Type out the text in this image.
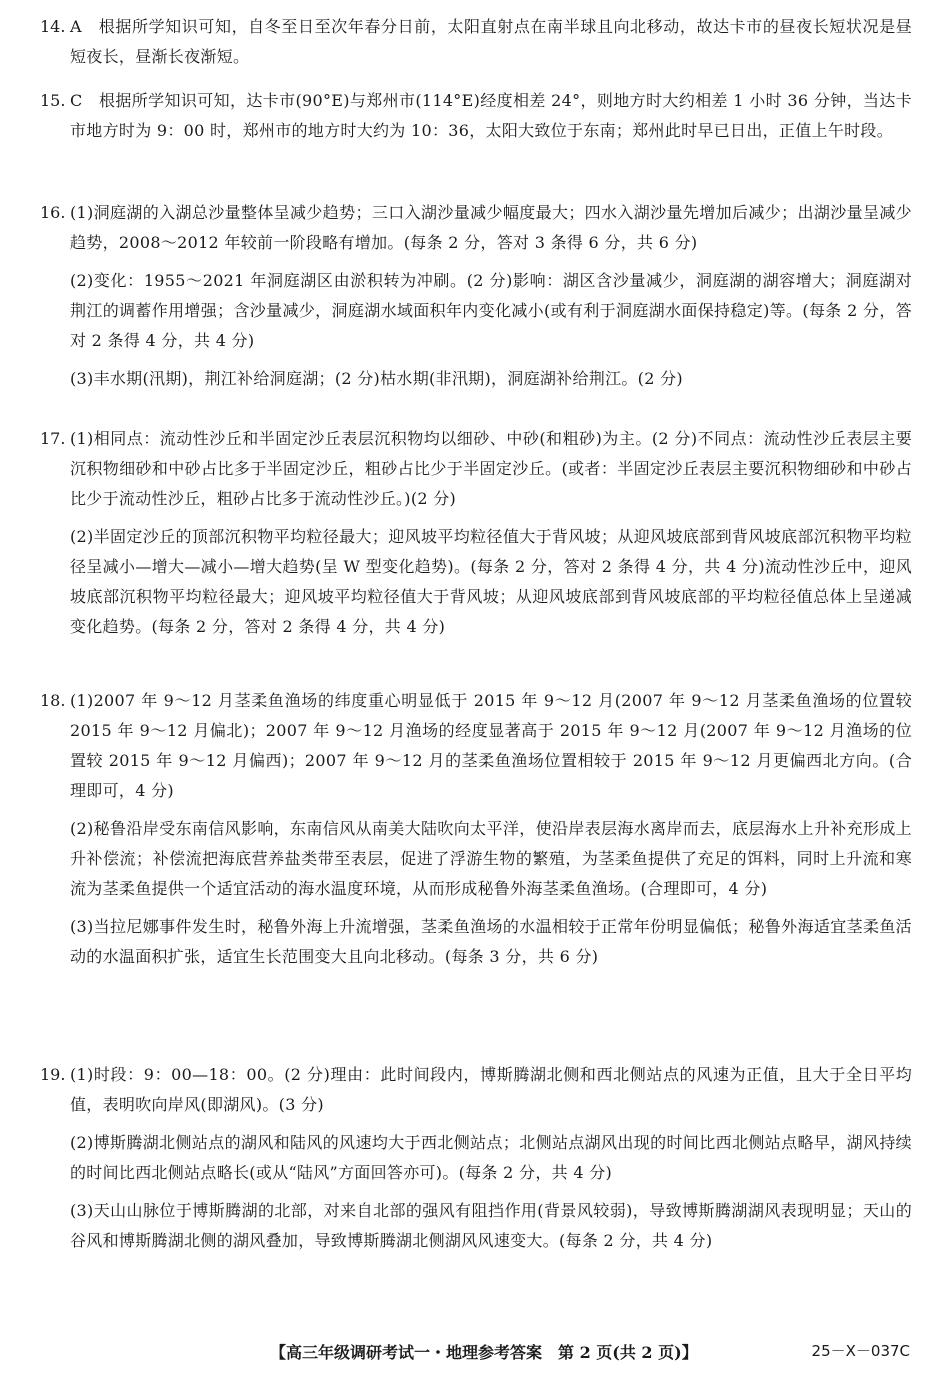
14. A　根据所学知识可知，自冬至日至次年春分日前，太阳直射点在南半球且向北移动，故达卡市的昼夜长短状况是昼短夜长，昼渐长夜渐短。

15. C　根据所学知识可知，达卡市(90°E)与郑州市(114°E)经度相差 24°，则地方时大约相差 1 小时 36 分钟，当达卡市地方时为 9：00 时，郑州市的地方时大约为 10：36，太阳大致位于东南；郑州此时早已日出，正值上午时段。

16. (1)洞庭湖的入湖总沙量整体呈减少趋势；三口入湖沙量减少幅度最大；四水入湖沙量先增加后减少；出湖沙量呈减少趋势，2008～2012 年较前一阶段略有增加。(每条 2 分，答对 3 条得 6 分，共 6 分)

(2)变化：1955～2021 年洞庭湖区由淤积转为冲刷。(2 分)影响：湖区含沙量减少，洞庭湖的湖容增大；洞庭湖对荆江的调蓄作用增强；含沙量减少，洞庭湖水域面积年内变化减小(或有利于洞庭湖水面保持稳定)等。(每条 2 分，答对 2 条得 4 分，共 4 分)

(3)丰水期(汛期)，荆江补给洞庭湖；(2 分)枯水期(非汛期)，洞庭湖补给荆江。(2 分)

17. (1)相同点：流动性沙丘和半固定沙丘表层沉积物均以细砂、中砂(和粗砂)为主。(2 分)不同点：流动性沙丘表层主要沉积物细砂和中砂占比多于半固定沙丘，粗砂占比少于半固定沙丘。(或者：半固定沙丘表层主要沉积物细砂和中砂占比少于流动性沙丘，粗砂占比多于流动性沙丘。)(2 分)

(2)半固定沙丘的顶部沉积物平均粒径最大；迎风坡平均粒径值大于背风坡；从迎风坡底部到背风坡底部沉积物平均粒径呈减小—增大—减小—增大趋势(呈 W 型变化趋势)。(每条 2 分，答对 2 条得 4 分，共 4 分)流动性沙丘中，迎风坡底部沉积物平均粒径最大；迎风坡平均粒径值大于背风坡；从迎风坡底部到背风坡底部的平均粒径值总体上呈递减变化趋势。(每条 2 分，答对 2 条得 4 分，共 4 分)

18. (1)2007 年 9～12 月茎柔鱼渔场的纬度重心明显低于 2015 年 9～12 月(2007 年 9～12 月茎柔鱼渔场的位置较 2015 年 9～12 月偏北)；2007 年 9～12 月渔场的经度显著高于 2015 年 9～12 月(2007 年 9～12 月渔场的位置较 2015 年 9～12 月偏西)；2007 年 9～12 月的茎柔鱼渔场位置相较于 2015 年 9～12 月更偏西北方向。(合理即可，4 分)

(2)秘鲁沿岸受东南信风影响，东南信风从南美大陆吹向太平洋，使沿岸表层海水离岸而去，底层海水上升补充形成上升补偿流；补偿流把海底营养盐类带至表层，促进了浮游生物的繁殖，为茎柔鱼提供了充足的饵料，同时上升流和寒流为茎柔鱼提供一个适宜活动的海水温度环境，从而形成秘鲁外海茎柔鱼渔场。(合理即可，4 分)

(3)当拉尼娜事件发生时，秘鲁外海上升流增强，茎柔鱼渔场的水温相较于正常年份明显偏低；秘鲁外海适宜茎柔鱼活动的水温面积扩张，适宜生长范围变大且向北移动。(每条 3 分，共 6 分)

19. (1)时段：9：00—18：00。(2 分)理由：此时间段内，博斯腾湖北侧和西北侧站点的风速为正值，且大于全日平均值，表明吹向岸风(即湖风)。(3 分)

(2)博斯腾湖北侧站点的湖风和陆风的风速均大于西北侧站点；北侧站点湖风出现的时间比西北侧站点略早，湖风持续的时间比西北侧站点略长(或从“陆风”方面回答亦可)。(每条 2 分，共 4 分)

(3)天山山脉位于博斯腾湖的北部，对来自北部的强风有阻挡作用(背景风较弱)，导致博斯腾湖湖风表现明显；天山的谷风和博斯腾湖北侧的湖风叠加，导致博斯腾湖北侧湖风风速变大。(每条 2 分，共 4 分)

【高三年级调研考试一・地理参考答案　第 2 页(共 2 页)】	25－X－037C
